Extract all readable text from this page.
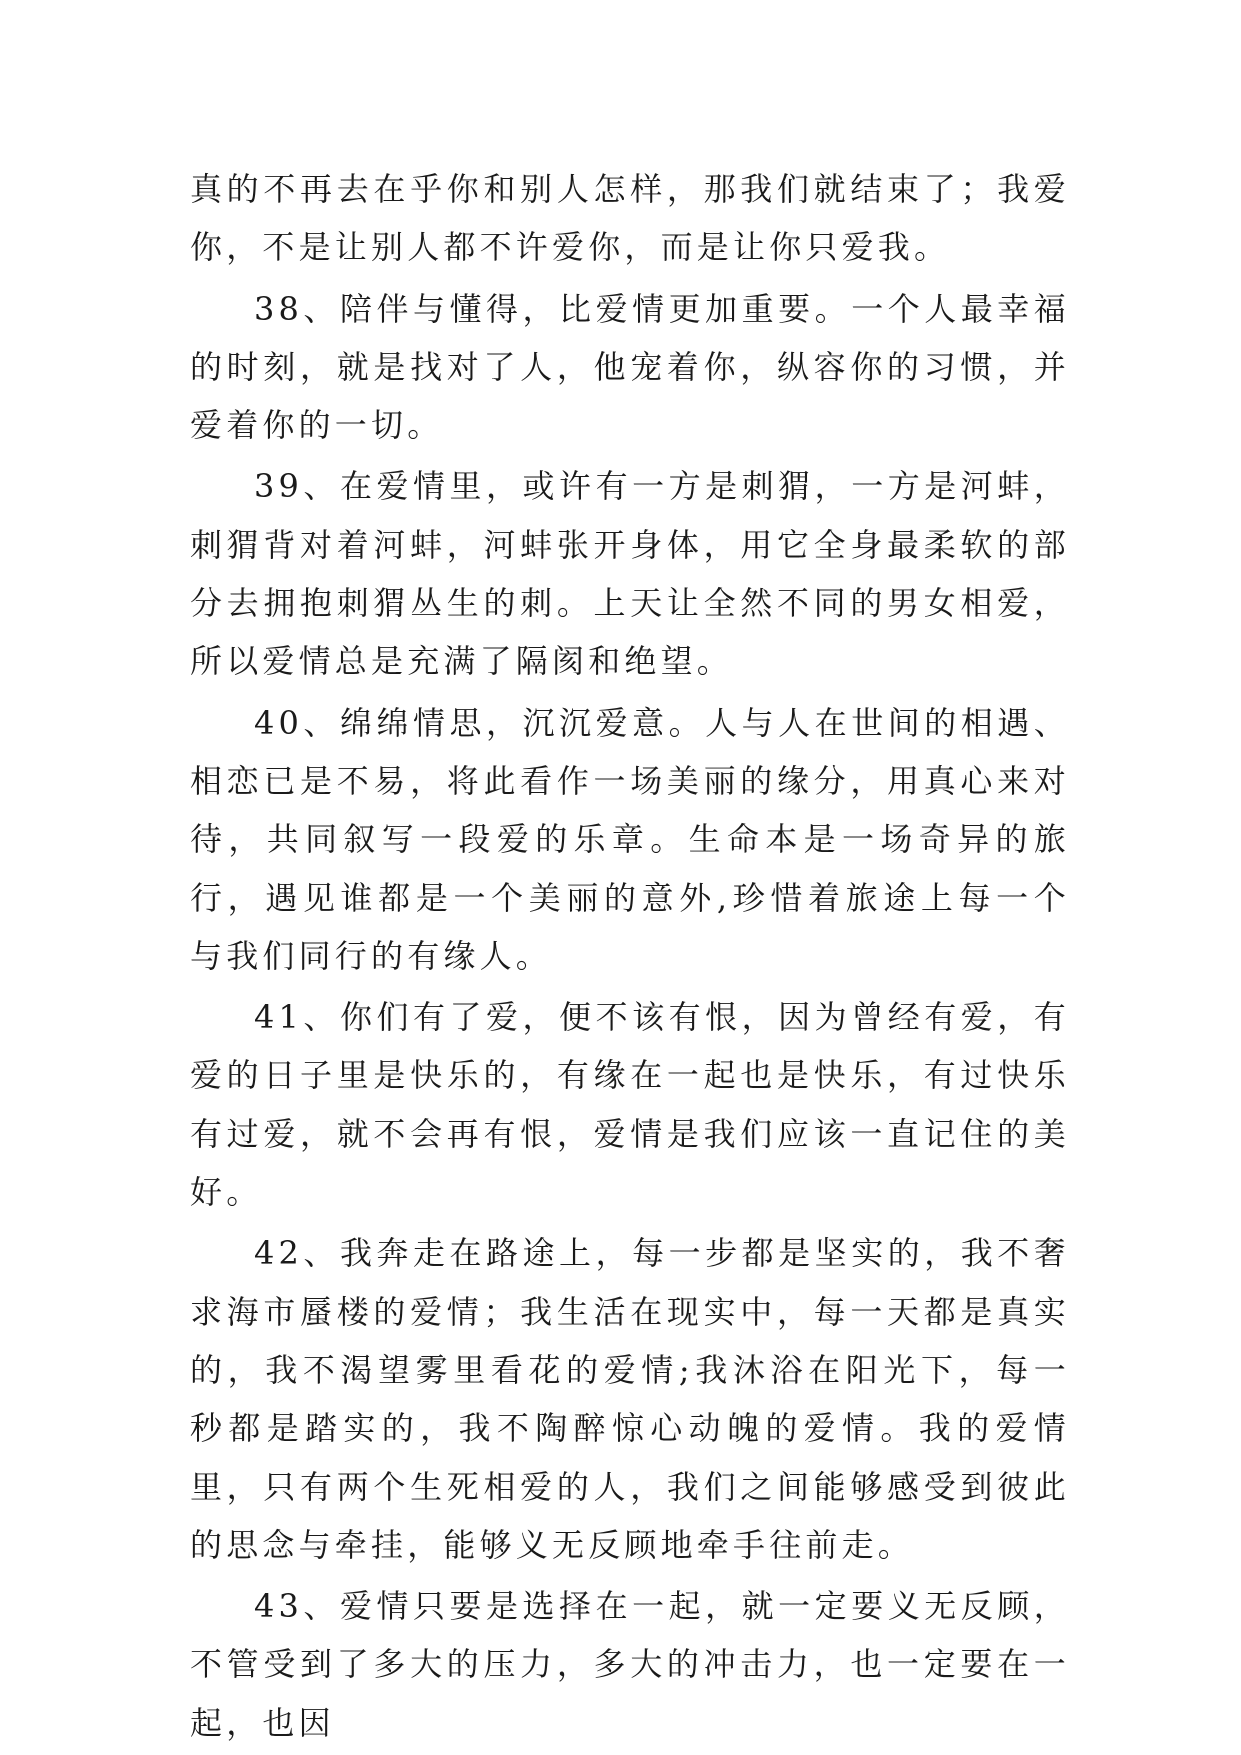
真的不再去在乎你和别人怎样，那我们就结束了；我爱你，不是让别人都不许爱你，而是让你只爱我。

38、陪伴与懂得，比爱情更加重要。一个人最幸福的时刻，就是找对了人，他宠着你，纵容你的习惯，并爱着你的一切。

39、在爱情里，或许有一方是刺猬，一方是河蚌，刺猬背对着河蚌，河蚌张开身体，用它全身最柔软的部分去拥抱刺猬丛生的刺。上天让全然不同的男女相爱，所以爱情总是充满了隔阂和绝望。

40、绵绵情思，沉沉爱意。人与人在世间的相遇、相恋已是不易，将此看作一场美丽的缘分，用真心来对待，共同叙写一段爱的乐章。生命本是一场奇异的旅行，遇见谁都是一个美丽的意外,珍惜着旅途上每一个与我们同行的有缘人。

41、你们有了爱，便不该有恨，因为曾经有爱，有爱的日子里是快乐的，有缘在一起也是快乐，有过快乐有过爱，就不会再有恨，爱情是我们应该一直记住的美好。

42、我奔走在路途上，每一步都是坚实的，我不奢求海市蜃楼的爱情；我生活在现实中，每一天都是真实的，我不渴望雾里看花的爱情;我沐浴在阳光下，每一秒都是踏实的，我不陶醉惊心动魄的爱情。我的爱情里，只有两个生死相爱的人，我们之间能够感受到彼此的思念与牵挂，能够义无反顾地牵手往前走。

43、爱情只要是选择在一起，就一定要义无反顾，不管受到了多大的压力，多大的冲击力，也一定要在一起，也因
